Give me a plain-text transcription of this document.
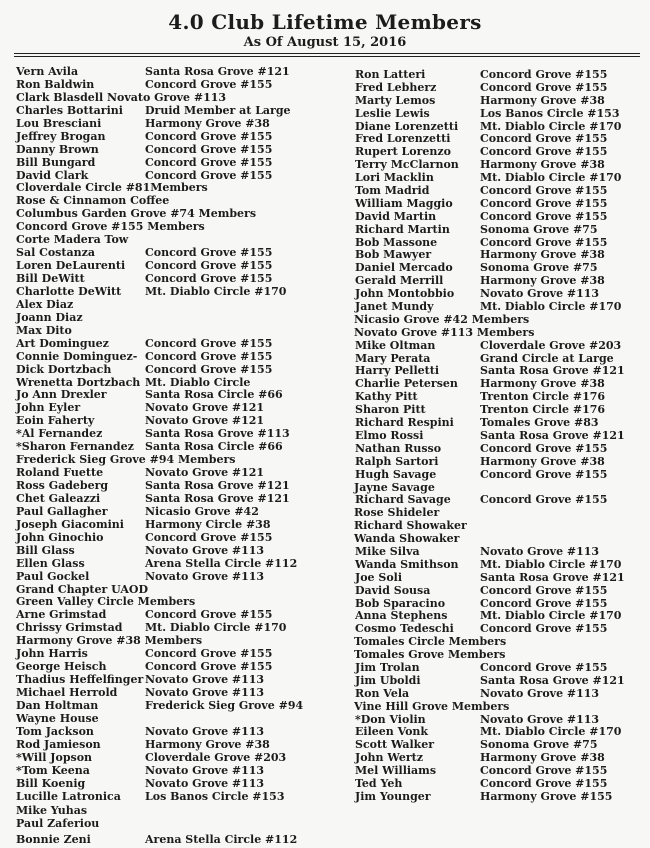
4.0 Club Lifetime Members
As Of August 15, 2016
Vern Avila	Santa Rosa Grove #121
Ron Baldwin	Concord Grove #155
Clark Blasdell Novato Grove #113
Charles Bottarini Druid Member at Large
Lou Bresciani	Harmony Grove #38
Jeffrey Brogan	Concord Grove #155
Danny Brown	Concord Grove #155
Bill Bungard	Concord Grove #155
David Clark	Concord Grove #155
Cloverdale Circle #81Members
Rose & Cinnamon Coffee
Columbus Garden Grove #74 Members
Concord Grove #155 Members
Corte Madera Tow
Sal Costanza	Concord Grove #155
Loren DeLaurenti Concord Grove #155
Bill DeWitt	Concord Grove #155
Charlotte DeWitt Mt. Diablo Circle #170
Alex Diaz
Joann Diaz
Max Dito
Art Dominguez	Concord Grove #155
Connie Dominguez- Concord Grove #155
Dick Dortzbach	Concord Grove #155
Wrenetta Dortzbach Mt. Diablo Circle
Jo Ann Drexler	Santa Rosa Circle #66
John Eyler	Novato Grove #121
Eoin Faherty	Novato Grove #121
*Al Fernandez	Santa Rosa Grove #113
*Sharon Fernandez Santa Rosa Circle #66
Frederick Sieg Grove #94 Members
Roland Fuette	Novato Grove #121
Ross Gadeberg	Santa Rosa Grove #121
Chet Galeazzi	Santa Rosa Grove #121
Paul Gallagher	Nicasio Grove #42
Joseph Giacomini Harmony Circle #38
John Ginochio	Concord Grove #155
Bill Glass	Novato Grove #113
Ellen Glass	Arena Stella Circle #112
Paul Gockel	Novato Grove #113
Grand Chapter UAOD
Green Valley Circle Members
Arne Grimstad	Concord Grove #155
Chrissy Grimstad Mt. Diablo Circle #170
Harmony Grove #38 Members
John Harris	Concord Grove #155
George Heisch	Concord Grove #155
Thadius Heffelfinger Novato Grove #113
Michael Herrold	Novato Grove #113
Dan Holtman	Frederick Sieg Grove #94
Wayne House
Tom Jackson	Novato Grove #113
Rod Jamieson	Harmony Grove #38
*Will Jopson	Cloverdale Grove #203
*Tom Keena	Novato Grove #113
Bill Koenig	Novato Grove #113
Lucille Latronica Los Banos Circle #153
Mike Yuhas
Paul Zaferiou
Bonnie Zeni	Arena Stella Circle #112
Ron Latteri	Concord Grove #155
Fred Lebherz	Concord Grove #155
Marty Lemos	Harmony Grove #38
Leslie Lewis	Los Banos Circle #153
Diane Lorenzetti Mt. Diablo Circle #170
Fred Lorenzetti	Concord Grove #155
Rupert Lorenzo	Concord Grove #155
Terry McClarnon Harmony Grove #38
Lori Macklin	Mt. Diablo Circle #170
Tom Madrid	Concord Grove #155
William Maggio Concord Grove #155
David Martin	Concord Grove #155
Richard Martin	Sonoma Grove #75
Bob Massone	Concord Grove #155
Bob Mawyer	Harmony Grove #38
Daniel Mercado Sonoma Grove #75
Gerald Merrill	Harmony Grove #38
John Montobbio Novato Grove #113
Janet Mundy	Mt. Diablo Circle #170
Nicasio Grove #42 Members
Novato Grove #113 Members
Mike Oltman	Cloverdale Grove #203
Mary Perata	Grand Circle at Large
Harry Pelletti	Santa Rosa Grove #121
Charlie Petersen Harmony Grove #38
Kathy Pitt	Trenton Circle #176
Sharon Pitt	Trenton Circle #176
Richard Respini Tomales Grove #83
Elmo Rossi	Santa Rosa Grove #121
Nathan Russo	Concord Grove #155
Ralph Sartori	Harmony Grove #38
Hugh Savage	Concord Grove #155
Jayne Savage
Richard Savage	Concord Grove #155
Rose Shideler
Richard Showaker
Wanda Showaker
Mike Silva	Novato Grove #113
Wanda Smithson Mt. Diablo Circle #170
Joe Soli	Santa Rosa Grove #121
David Sousa	Concord Grove #155
Bob Sparacino	Concord Grove #155
Anna Stephens	Mt. Diablo Circle #170
Cosmo Tedeschi Concord Grove #155
Tomales Circle Members
Tomales Grove Members
Jim Trolan	Concord Grove #155
Jim Uboldi	Santa Rosa Grove #121
Ron Vela	Novato Grove #113
Vine Hill Grove Members
*Don Violin	Novato Grove #113
Eileen Vonk	Mt. Diablo Circle #170
Scott Walker	Sonoma Grove #75
John Wertz	Harmony Grove #38
Mel Williams	Concord Grove #155
Ted Yeh	Concord Grove #155
Jim Younger	Harmony Grove #155
